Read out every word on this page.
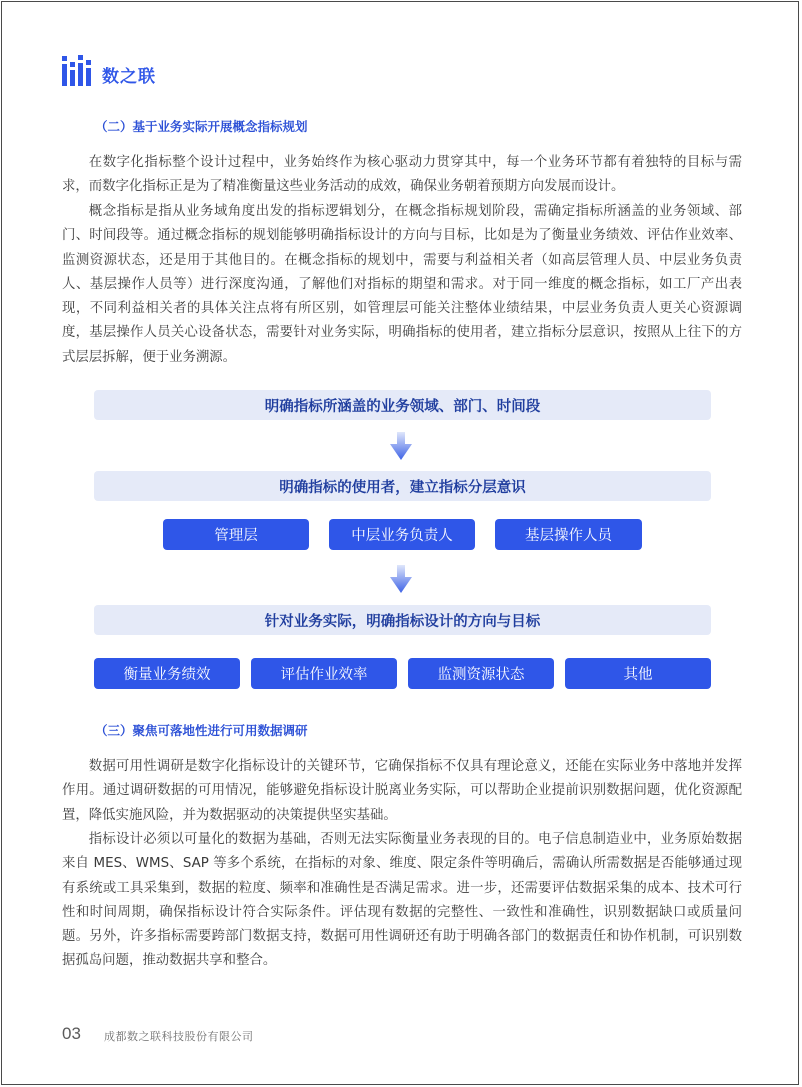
数之联
（二）基于业务实际开展概念指标规划

在数字化指标整个设计过程中，业务始终作为核心驱动力贯穿其中，每一个业务环节都有着独特的目标与需求，而数字化指标正是为了精准衡量这些业务活动的成效，确保业务朝着预期方向发展而设计。

概念指标是指从业务域角度出发的指标逻辑划分，在概念指标规划阶段，需确定指标所涵盖的业务领域、部门、时间段等。通过概念指标的规划能够明确指标设计的方向与目标，比如是为了衡量业务绩效、评估作业效率、监测资源状态，还是用于其他目的。在概念指标的规划中，需要与利益相关者（如高层管理人员、中层业务负责人、基层操作人员等）进行深度沟通，了解他们对指标的期望和需求。对于同一维度的概念指标，如工厂产出表现，不同利益相关者的具体关注点将有所区别，如管理层可能关注整体业绩结果，中层业务负责人更关心资源调度，基层操作人员关心设备状态，需要针对业务实际，明确指标的使用者，建立指标分层意识，按照从上往下的方式层层拆解，便于业务溯源。

明确指标所涵盖的业务领域、部门、时间段
明确指标的使用者，建立指标分层意识
管理层	中层业务负责人	基层操作人员
针对业务实际，明确指标设计的方向与目标
衡量业务绩效	评估作业效率	监测资源状态	其他
（三）聚焦可落地性进行可用数据调研

数据可用性调研是数字化指标设计的关键环节，它确保指标不仅具有理论意义，还能在实际业务中落地并发挥作用。通过调研数据的可用情况，能够避免指标设计脱离业务实际，可以帮助企业提前识别数据问题，优化资源配置，降低实施风险，并为数据驱动的决策提供坚实基础。

指标设计必须以可量化的数据为基础，否则无法实际衡量业务表现的目的。电子信息制造业中，业务原始数据来自 MES、WMS、SAP 等多个系统，在指标的对象、维度、限定条件等明确后，需确认所需数据是否能够通过现有系统或工具采集到，数据的粒度、频率和准确性是否满足需求。进一步，还需要评估数据采集的成本、技术可行性和时间周期，确保指标设计符合实际条件。评估现有数据的完整性、一致性和准确性，识别数据缺口或质量问题。另外，许多指标需要跨部门数据支持，数据可用性调研还有助于明确各部门的数据责任和协作机制，可识别数据孤岛问题，推动数据共享和整合。

03 成都数之联科技股份有限公司
